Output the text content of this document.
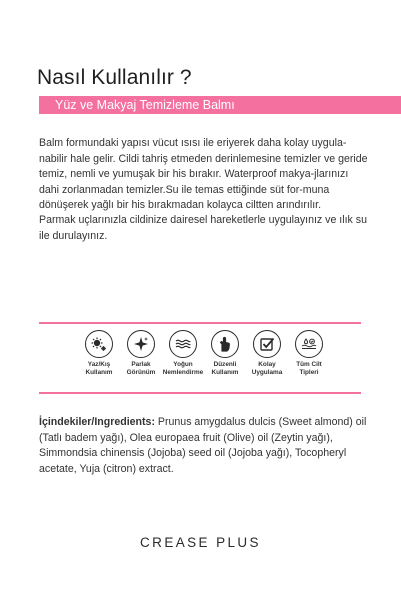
Nasıl Kullanılır ?
Yüz ve Makyaj Temizleme Balmı

Balm formundaki yapısı vücut ısısı ile eriyerek daha kolay uygula-nabilir hale gelir. Cildi tahriş etmeden derinlemesine temizler ve geride temiz, nemli ve yumuşak bir his bırakır. Waterproof makya-jlarınızı dahi zorlanmadan temizler.Su ile temas ettiğinde süt for-muna dönüşerek yağlı bir his bırakmadan kolayca ciltten arındırılır.

Parmak uçlarınızla cildinize dairesel hareketlerle uygulayınız ve ılık su ile durulayınız.

Yaz/Kış
Kullanım
Parlak
Görünüm
Yoğun
Nemlendirme
Düzenli
Kullanım
Kolay
Uygulama
Tüm Cilt
Tipleri

İçindekiler/Ingredients: Prunus amygdalus dulcis (Sweet almond) oil (Tatlı badem yağı), Olea europaea fruit (Olive) oil (Zeytin yağı), Simmondsia chinensis (Jojoba) seed oil (Jojoba yağı), Tocopheryl acetate, Yuja (citron) extract.

CREASE PLUS
